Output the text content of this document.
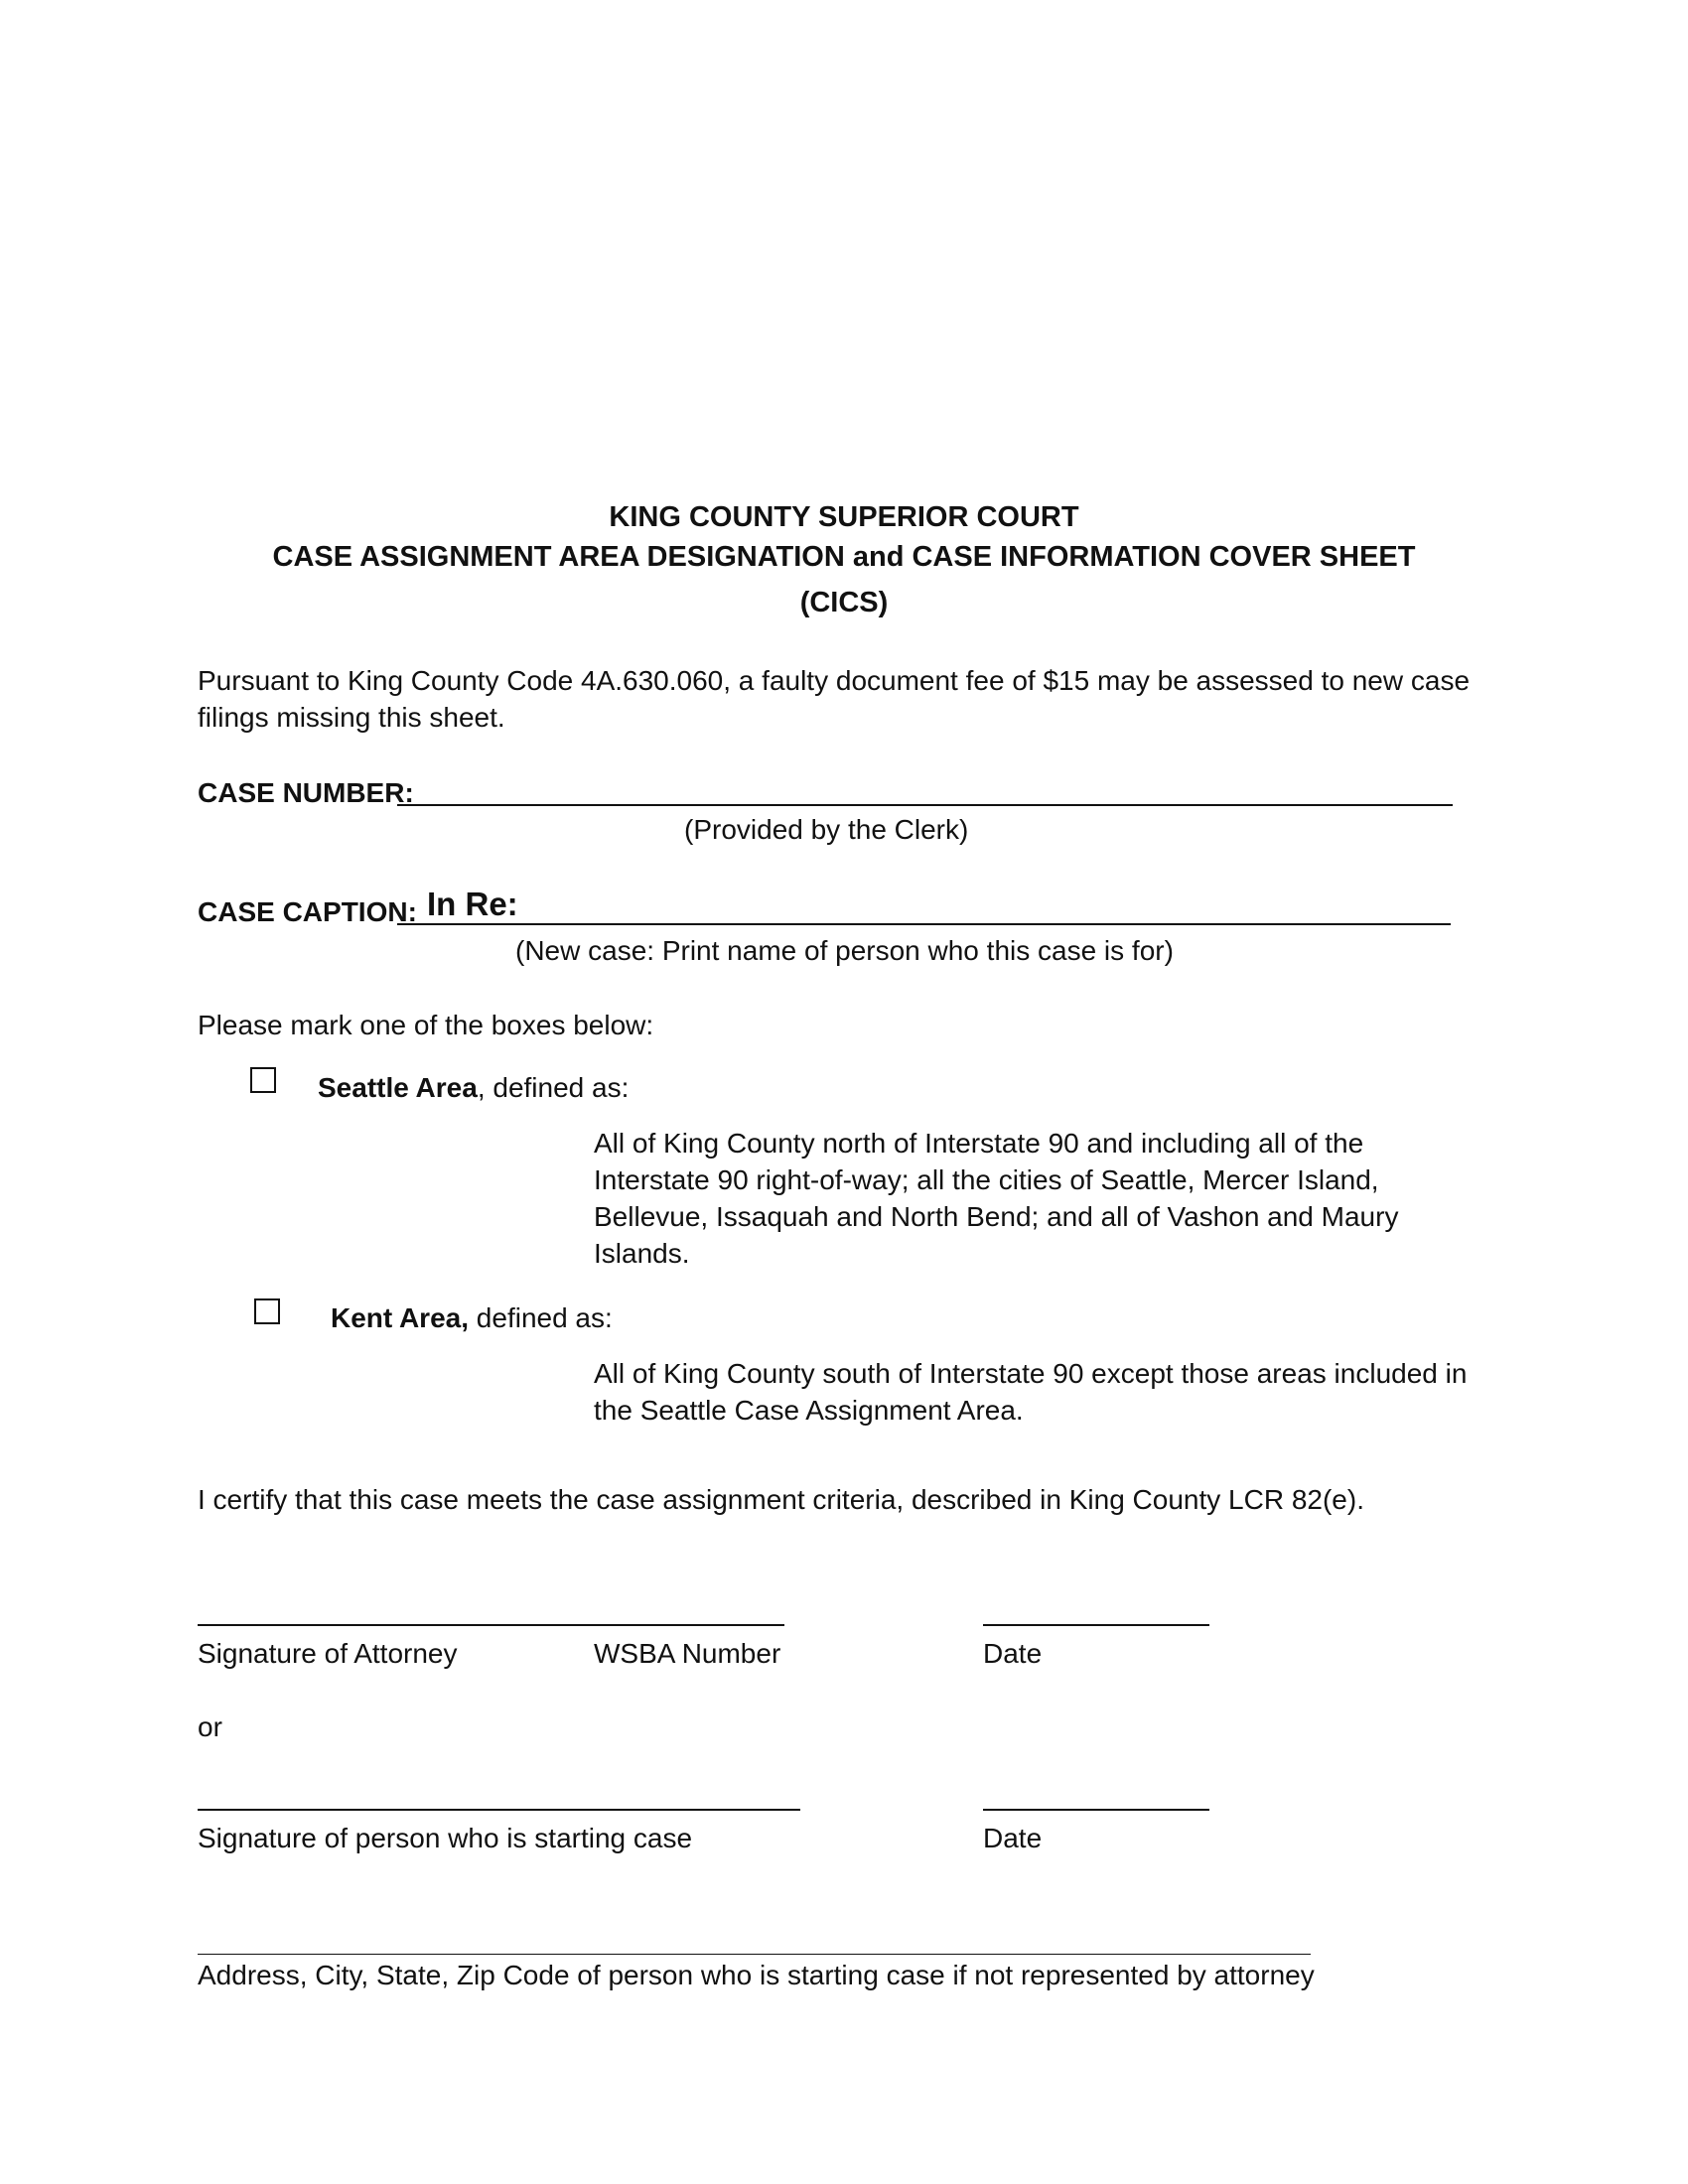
KING COUNTY SUPERIOR COURT
CASE ASSIGNMENT AREA DESIGNATION and CASE INFORMATION COVER SHEET
(CICS)
Pursuant to King County Code 4A.630.060, a faulty document fee of $15 may be assessed to new case
filings missing this sheet.
CASE NUMBER:
(Provided by the Clerk)
CASE CAPTION: In Re:
(New case: Print name of person who this case is for)
Please mark one of the boxes below:
Seattle Area, defined as:
All of King County north of Interstate 90 and including all of the
Interstate 90 right-of-way; all the cities of Seattle, Mercer Island,
Bellevue, Issaquah and North Bend; and all of Vashon and Maury
Islands.
Kent Area, defined as:
All of King County south of Interstate 90 except those areas included in
the Seattle Case Assignment Area.
I certify that this case meets the case assignment criteria, described in King County LCR 82(e).
Signature of Attorney	WSBA Number	Date
or
Signature of person who is starting case	Date
Address, City, State, Zip Code of person who is starting case if not represented by attorney
